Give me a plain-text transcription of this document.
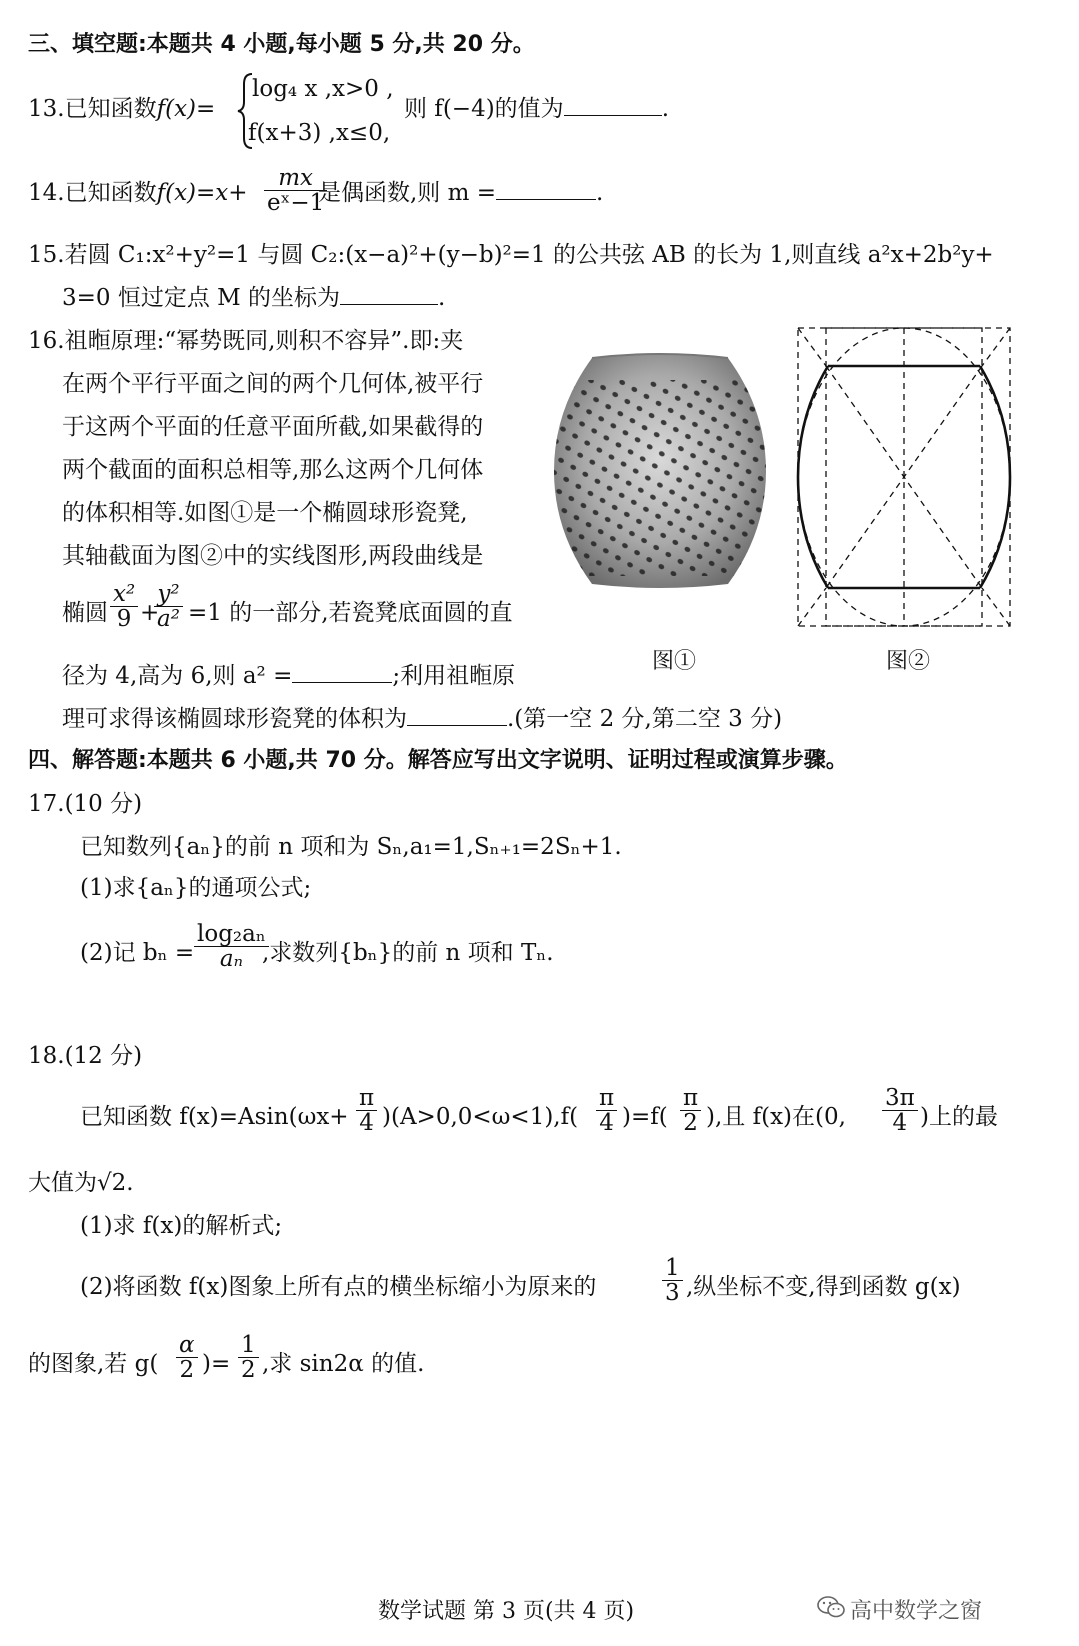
三、填空题:本题共 4 小题,每小题 5 分,共 20 分。
13.已知函数f(x)=
log₄ x ,x>0 ,
f(x+3) ,x≤0,
则 f(−4)的值为	.
14.已知函数$f(x)=x+ \frac{mx}{\text{eˣ−1}}$
是偶函数,则 m =	.
15.若圆 C₁:x²+y²=1 与圆 C₂:(x−a)²+(y−b)²=1 的公共弦 AB 的长为 1,则直线 a²x+2b²y+
3=0 恒过定点 M 的坐标为	.
16.祖暅原理:“幂势既同,则积不容异”.即:夹
在两个平行平面之间的两个几何体,被平行
于这两个平面的任意平面所截,如果截得的
两个截面的面积总相等,那么这两个几何体
的体积相等.如图①是一个椭圆球形瓷凳,
其轴截面为图②中的实线图形,两段曲线是
椭圆 $\frac{\text{x²}}{9}$ +
$\frac{\text{y²}}{\text{a²}} =1$ 的一部分,若瓷凳底面圆的直
径为 4,高为 6,则 a² =	;利用祖暅原
理可求得该椭圆球形瓷凳的体积为	.(第一空 2 分,第二空 3 分)
图①	图②
四、解答题:本题共 6 小题,共 70 分。解答应写出文字说明、证明过程或演算步骤。
17.(10 分)
已知数列{aₙ}的前 n 项和为 Sₙ,a₁=1,Sₙ₊₁=2Sₙ+1.
(1)求{aₙ}的通项公式;
(2)记 $b_n = \frac{\text{log₂aₙ}}{\text{aₙ}}$
,求数列{bₙ}的前 n 项和 Tₙ.
18.(12 分)
已知函数 $f(x)=Asin(\omega x+ \frac{\pi}{4} )(A>0,0<\omega<1),f( \frac{\pi}{4} )=f( \frac{\pi}{2}$ ),且 f(x)在(0, $\frac{3\pi}{4}$ )上的最
大值为√2.
(1)求 f(x)的解析式;
(2)将函数 f(x)图象上所有点的横坐标缩小为原来的	$\frac{1}{3}$ ,纵坐标不变,得到函数 g(x)
的图象,若 $g( \frac{\alpha}{2}$ )= $\frac{1}{2}$ ,求 sin2α 的值.
数学试题 第 3 页(共 4 页)	高中数学之窗
